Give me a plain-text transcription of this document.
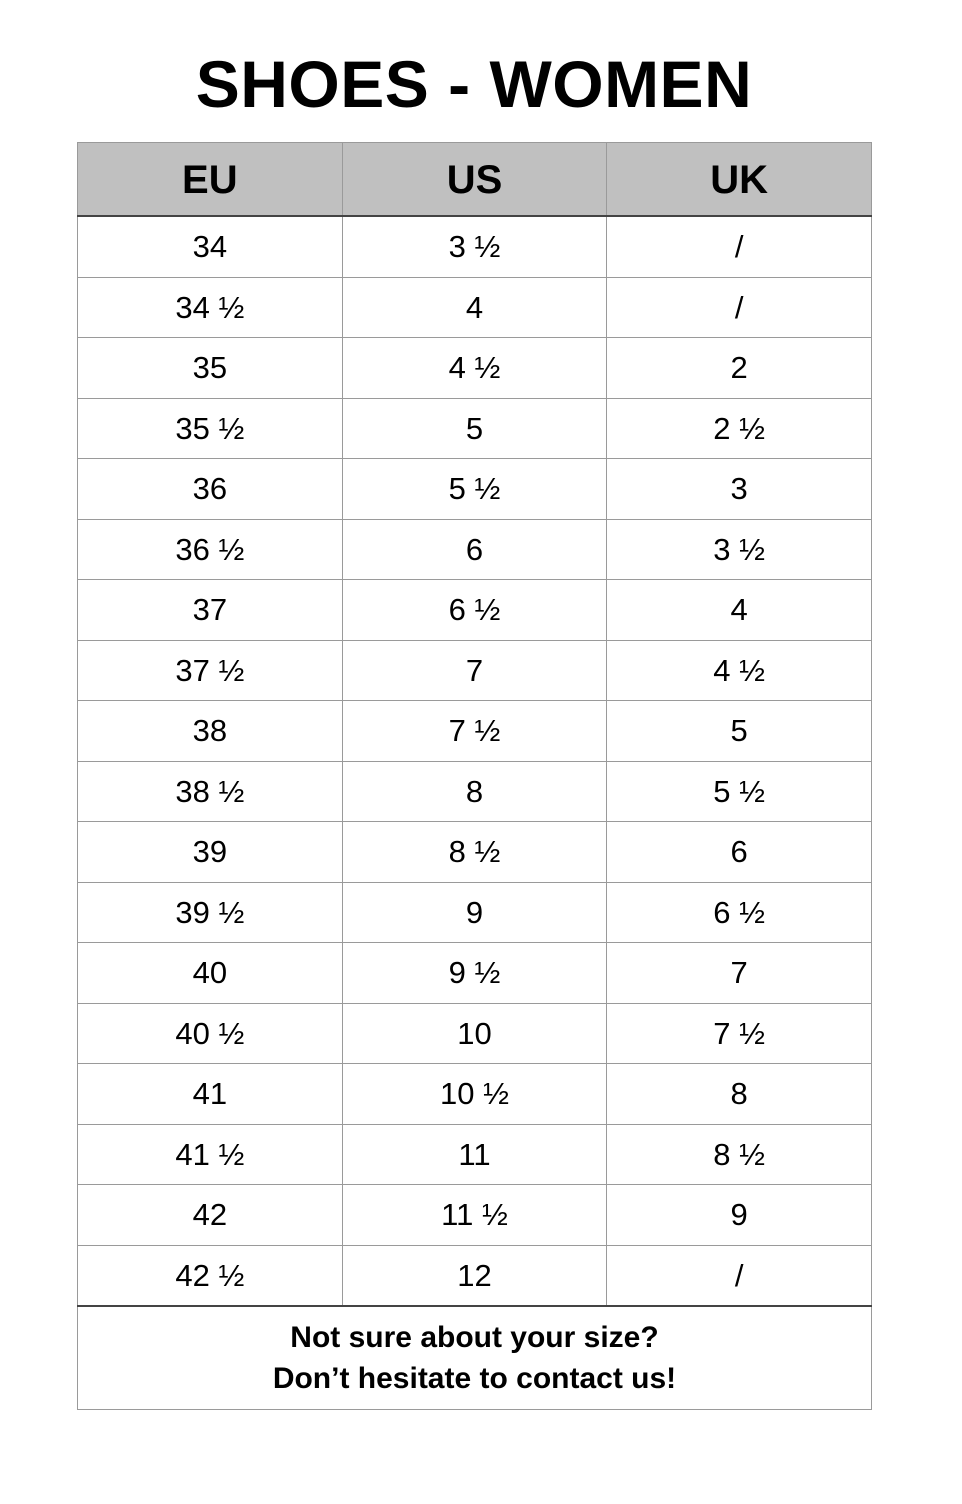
SHOES - WOMEN
EU	US	UK
34	3 ½	/
34 ½	4	/
35	4 ½	2
35 ½	5	2 ½
36	5 ½	3
36 ½	6	3 ½
37	6 ½	4
37 ½	7	4 ½
38	7 ½	5
38 ½	8	5 ½
39	8 ½	6
39 ½	9	6 ½
40	9 ½	7
40 ½	10	7 ½
41	10 ½	8
41 ½	11	8 ½
42	11 ½	9
42 ½	12	/

Not sure about your size?
Don’t hesitate to contact us!		
